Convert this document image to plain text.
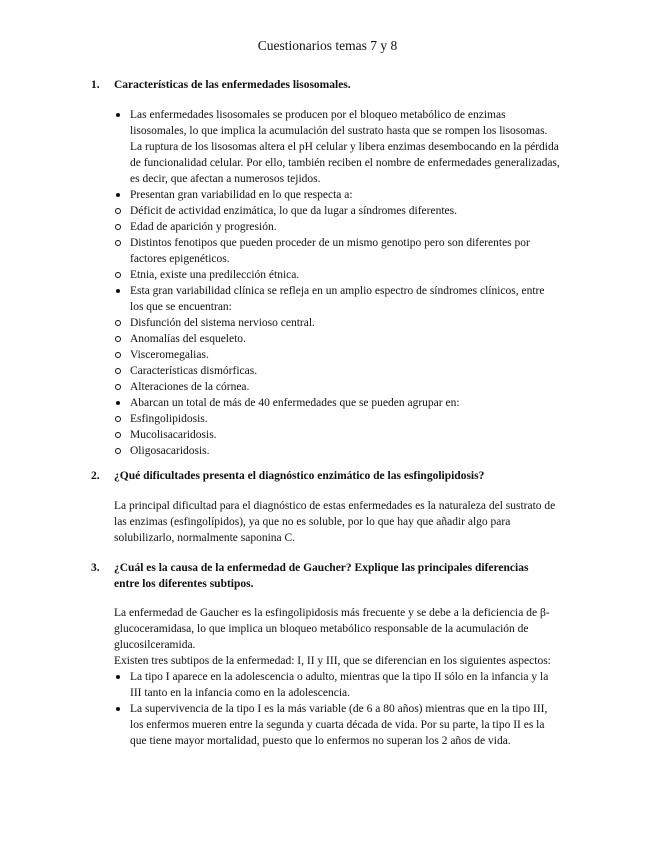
Cuestionarios temas 7 y 8
1.	Características de las enfermedades lisosomales.
Las enfermedades lisosomales se producen por el bloqueo metabólico de enzimas lisosomales, lo que implica la acumulación del sustrato hasta que se rompen los lisosomas. La ruptura de los lisosomas altera el pH celular y libera enzimas desembocando en la pérdida de funcionalidad celular. Por ello, también reciben el nombre de enfermedades generalizadas, es decir, que afectan a numerosos tejidos.
Presentan gran variabilidad en lo que respecta a:
Déficit de actividad enzimática, lo que da lugar a síndromes diferentes.
Edad de aparición y progresión.
Distintos fenotipos que pueden proceder de un mismo genotipo pero son diferentes por factores epigenéticos.
Etnia, existe una predilección étnica.
Esta gran variabilidad clínica se refleja en un amplio espectro de síndromes clínicos, entre los que se encuentran:
Disfunción del sistema nervioso central.
Anomalías del esqueleto.
Visceromegalias.
Características dismórficas.
Alteraciones de la córnea.
Abarcan un total de más de 40 enfermedades que se pueden agrupar en:
Esfingolipidosis.
Mucolisacaridosis.
Oligosacaridosis.
2.	¿Qué dificultades presenta el diagnóstico enzimático de las esfingolipidosis?

La principal dificultad para el diagnóstico de estas enfermedades es la naturaleza del sustrato de las enzimas (esfingolípidos), ya que no es soluble, por lo que hay que añadir algo para solubilizarlo, normalmente saponina C.

3.	¿Cuál es la causa de la enfermedad de Gaucher? Explique las principales diferencias entre los diferentes subtipos.

La enfermedad de Gaucher es la esfingolipidosis más frecuente y se debe a la deficiencia de β-glucoceramidasa, lo que implica un bloqueo metabólico responsable de la acumulación de glucosilceramida.

Existen tres subtipos de la enfermedad: I, II y III, que se diferencian en los siguientes aspectos:

La tipo I aparece en la adolescencia o adulto, mientras que la tipo II sólo en la infancia y la III tanto en la infancia como en la adolescencia.
La supervivencia de la tipo I es la más variable (de 6 a 80 años) mientras que en la tipo III, los enfermos mueren entre la segunda y cuarta década de vida. Por su parte, la tipo II es la que tiene mayor mortalidad, puesto que lo enfermos no superan los 2 años de vida.
